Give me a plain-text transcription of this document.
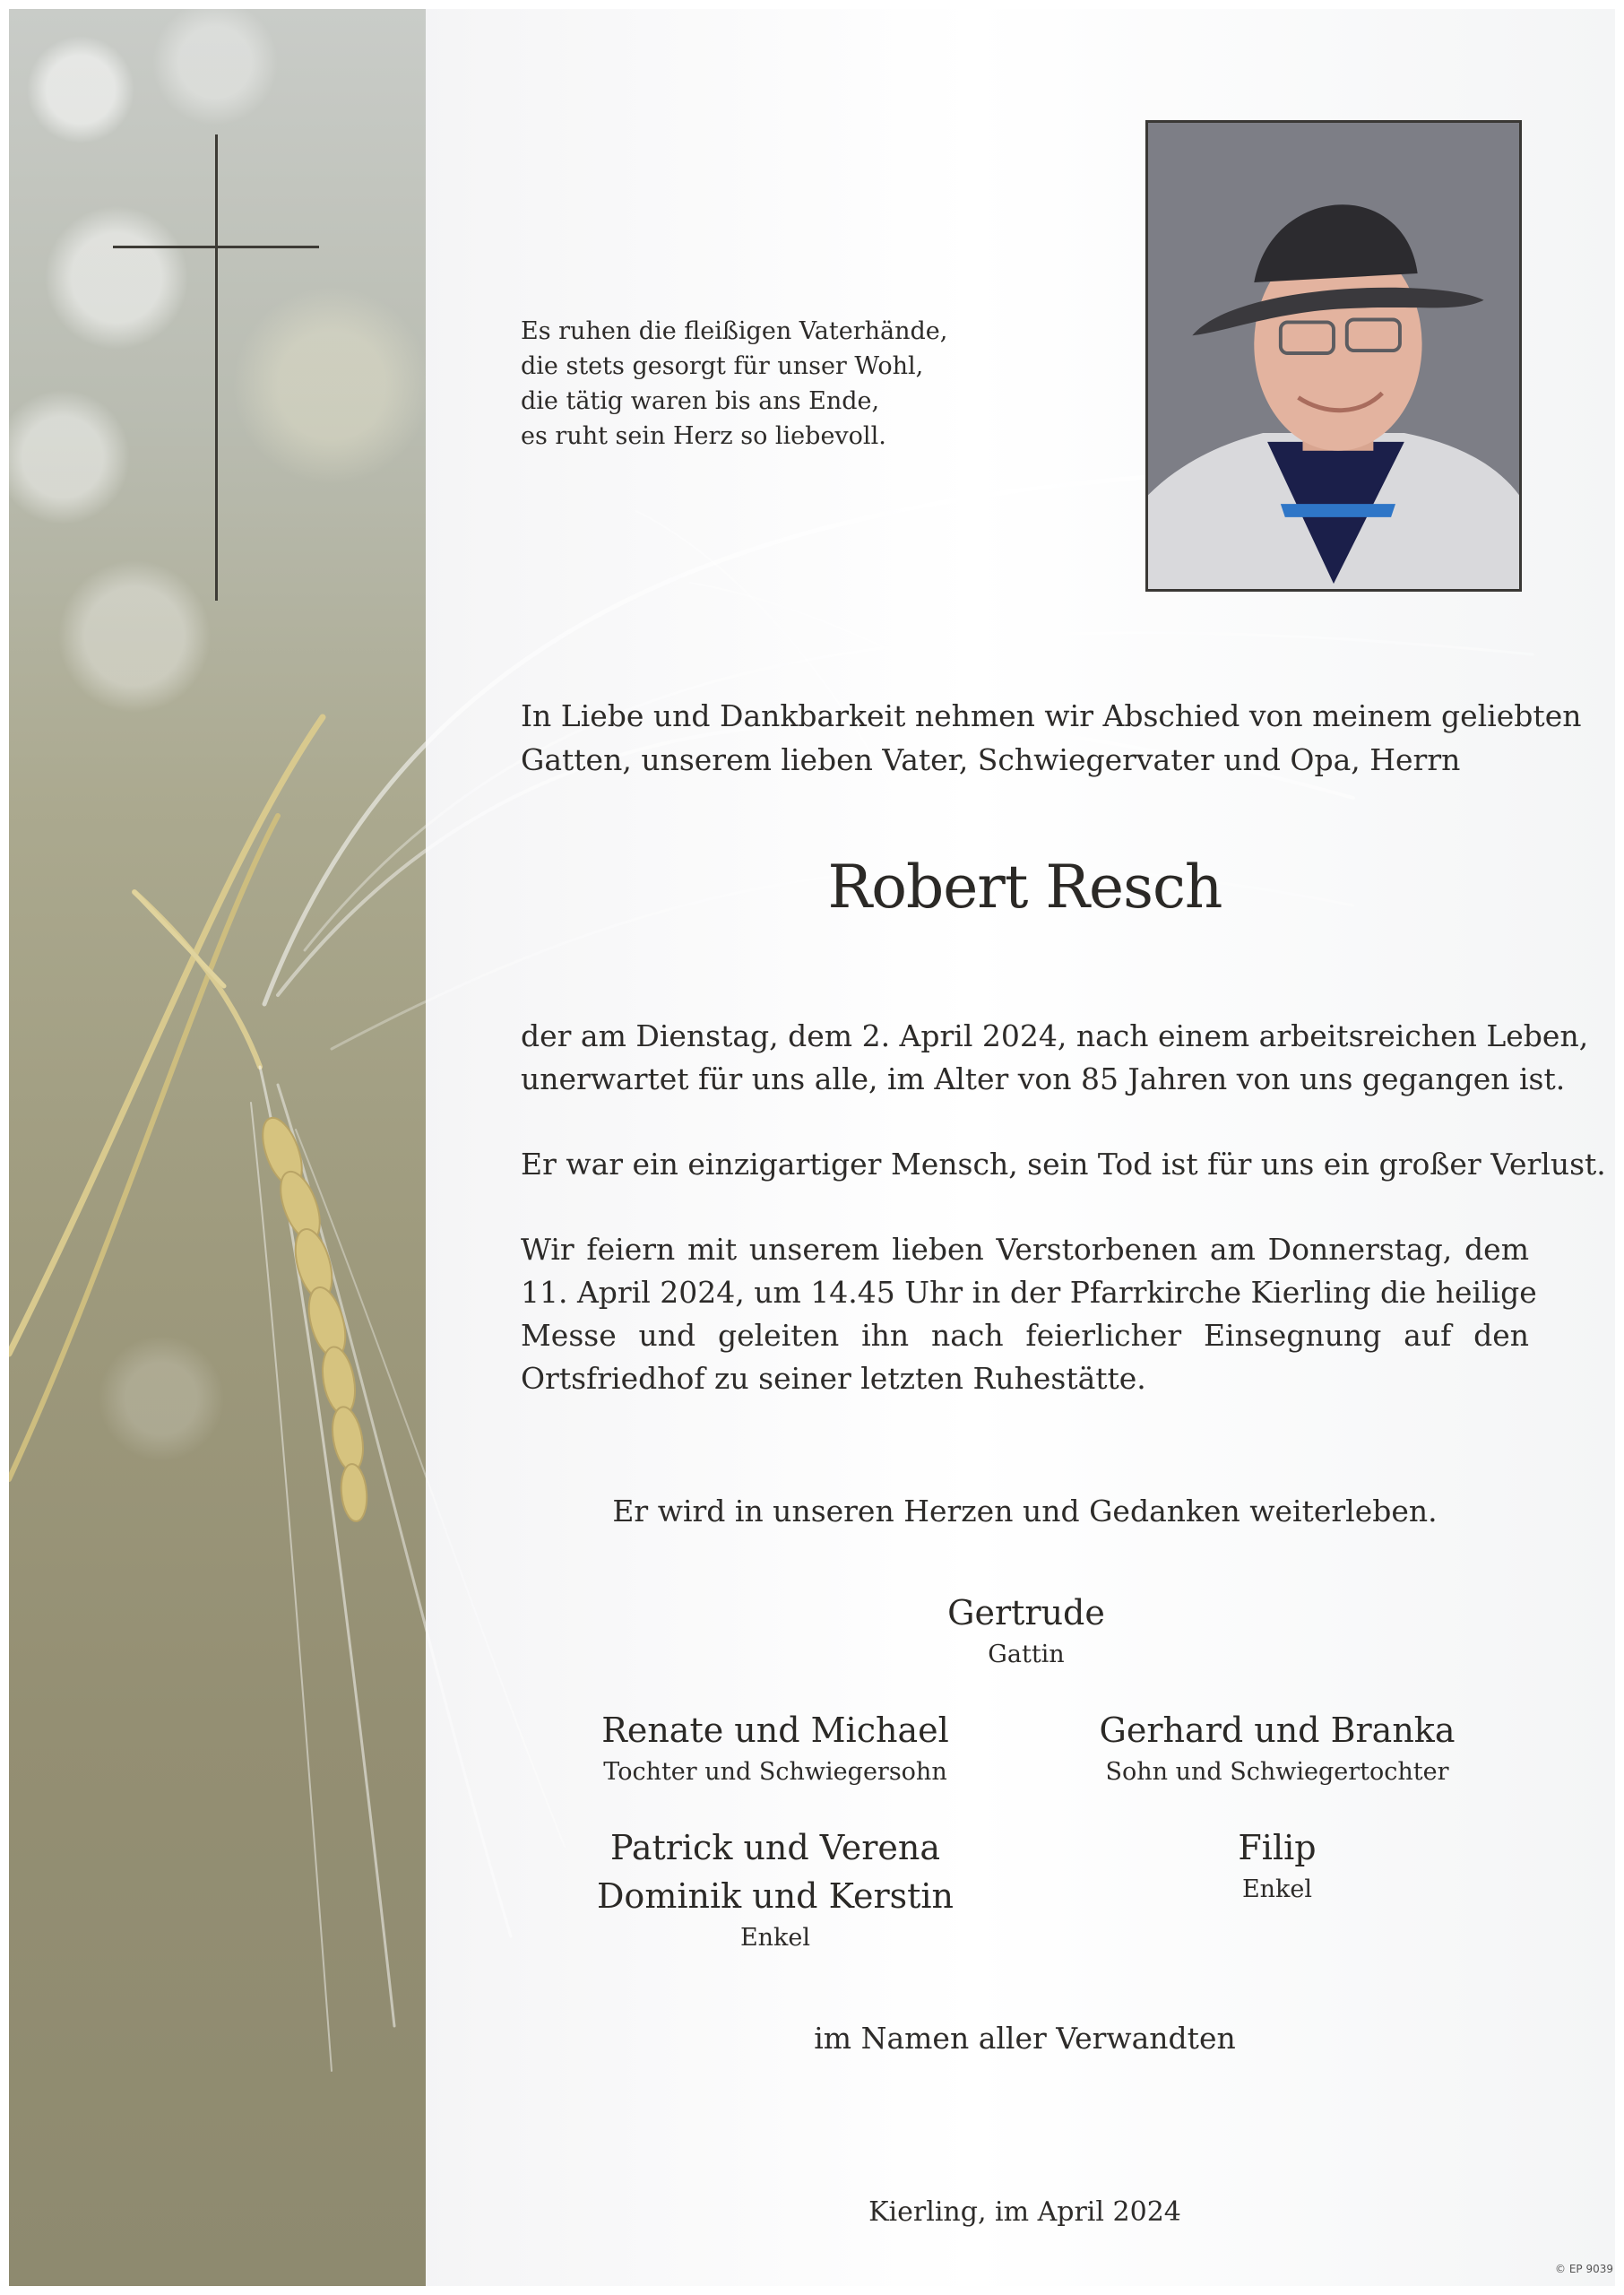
Es ruhen die fleißigen Vaterhände,
die stets gesorgt für unser Wohl,
die tätig waren bis ans Ende,
es ruht sein Herz so liebevoll.
In Liebe und Dankbarkeit nehmen wir Abschied von meinem geliebten
Gatten, unserem lieben Vater, Schwiegervater und Opa, Herrn
Robert Resch
der am Dienstag, dem 2. April 2024, nach einem arbeitsreichen Leben,
unerwartet für uns alle, im Alter von 85 Jahren von uns gegangen ist.
Er war ein einzigartiger Mensch, sein Tod ist für uns ein großer Verlust.
Wir feiern mit unserem lieben Verstorbenen am Donnerstag, dem
11. April 2024, um 14.45 Uhr in der Pfarrkirche Kierling die heilige
Messe und geleiten ihn nach feierlicher Einsegnung auf den
Ortsfriedhof zu seiner letzten Ruhestätte.
Er wird in unseren Herzen und Gedanken weiterleben.
Gertrude
Gattin
Renate und Michael
Tochter und Schwiegersohn
Gerhard und Branka
Sohn und Schwiegertochter
Patrick und Verena
Dominik und Kerstin
Enkel
Filip
Enkel
im Namen aller Verwandten
Kierling, im April 2024
© EP 9039
